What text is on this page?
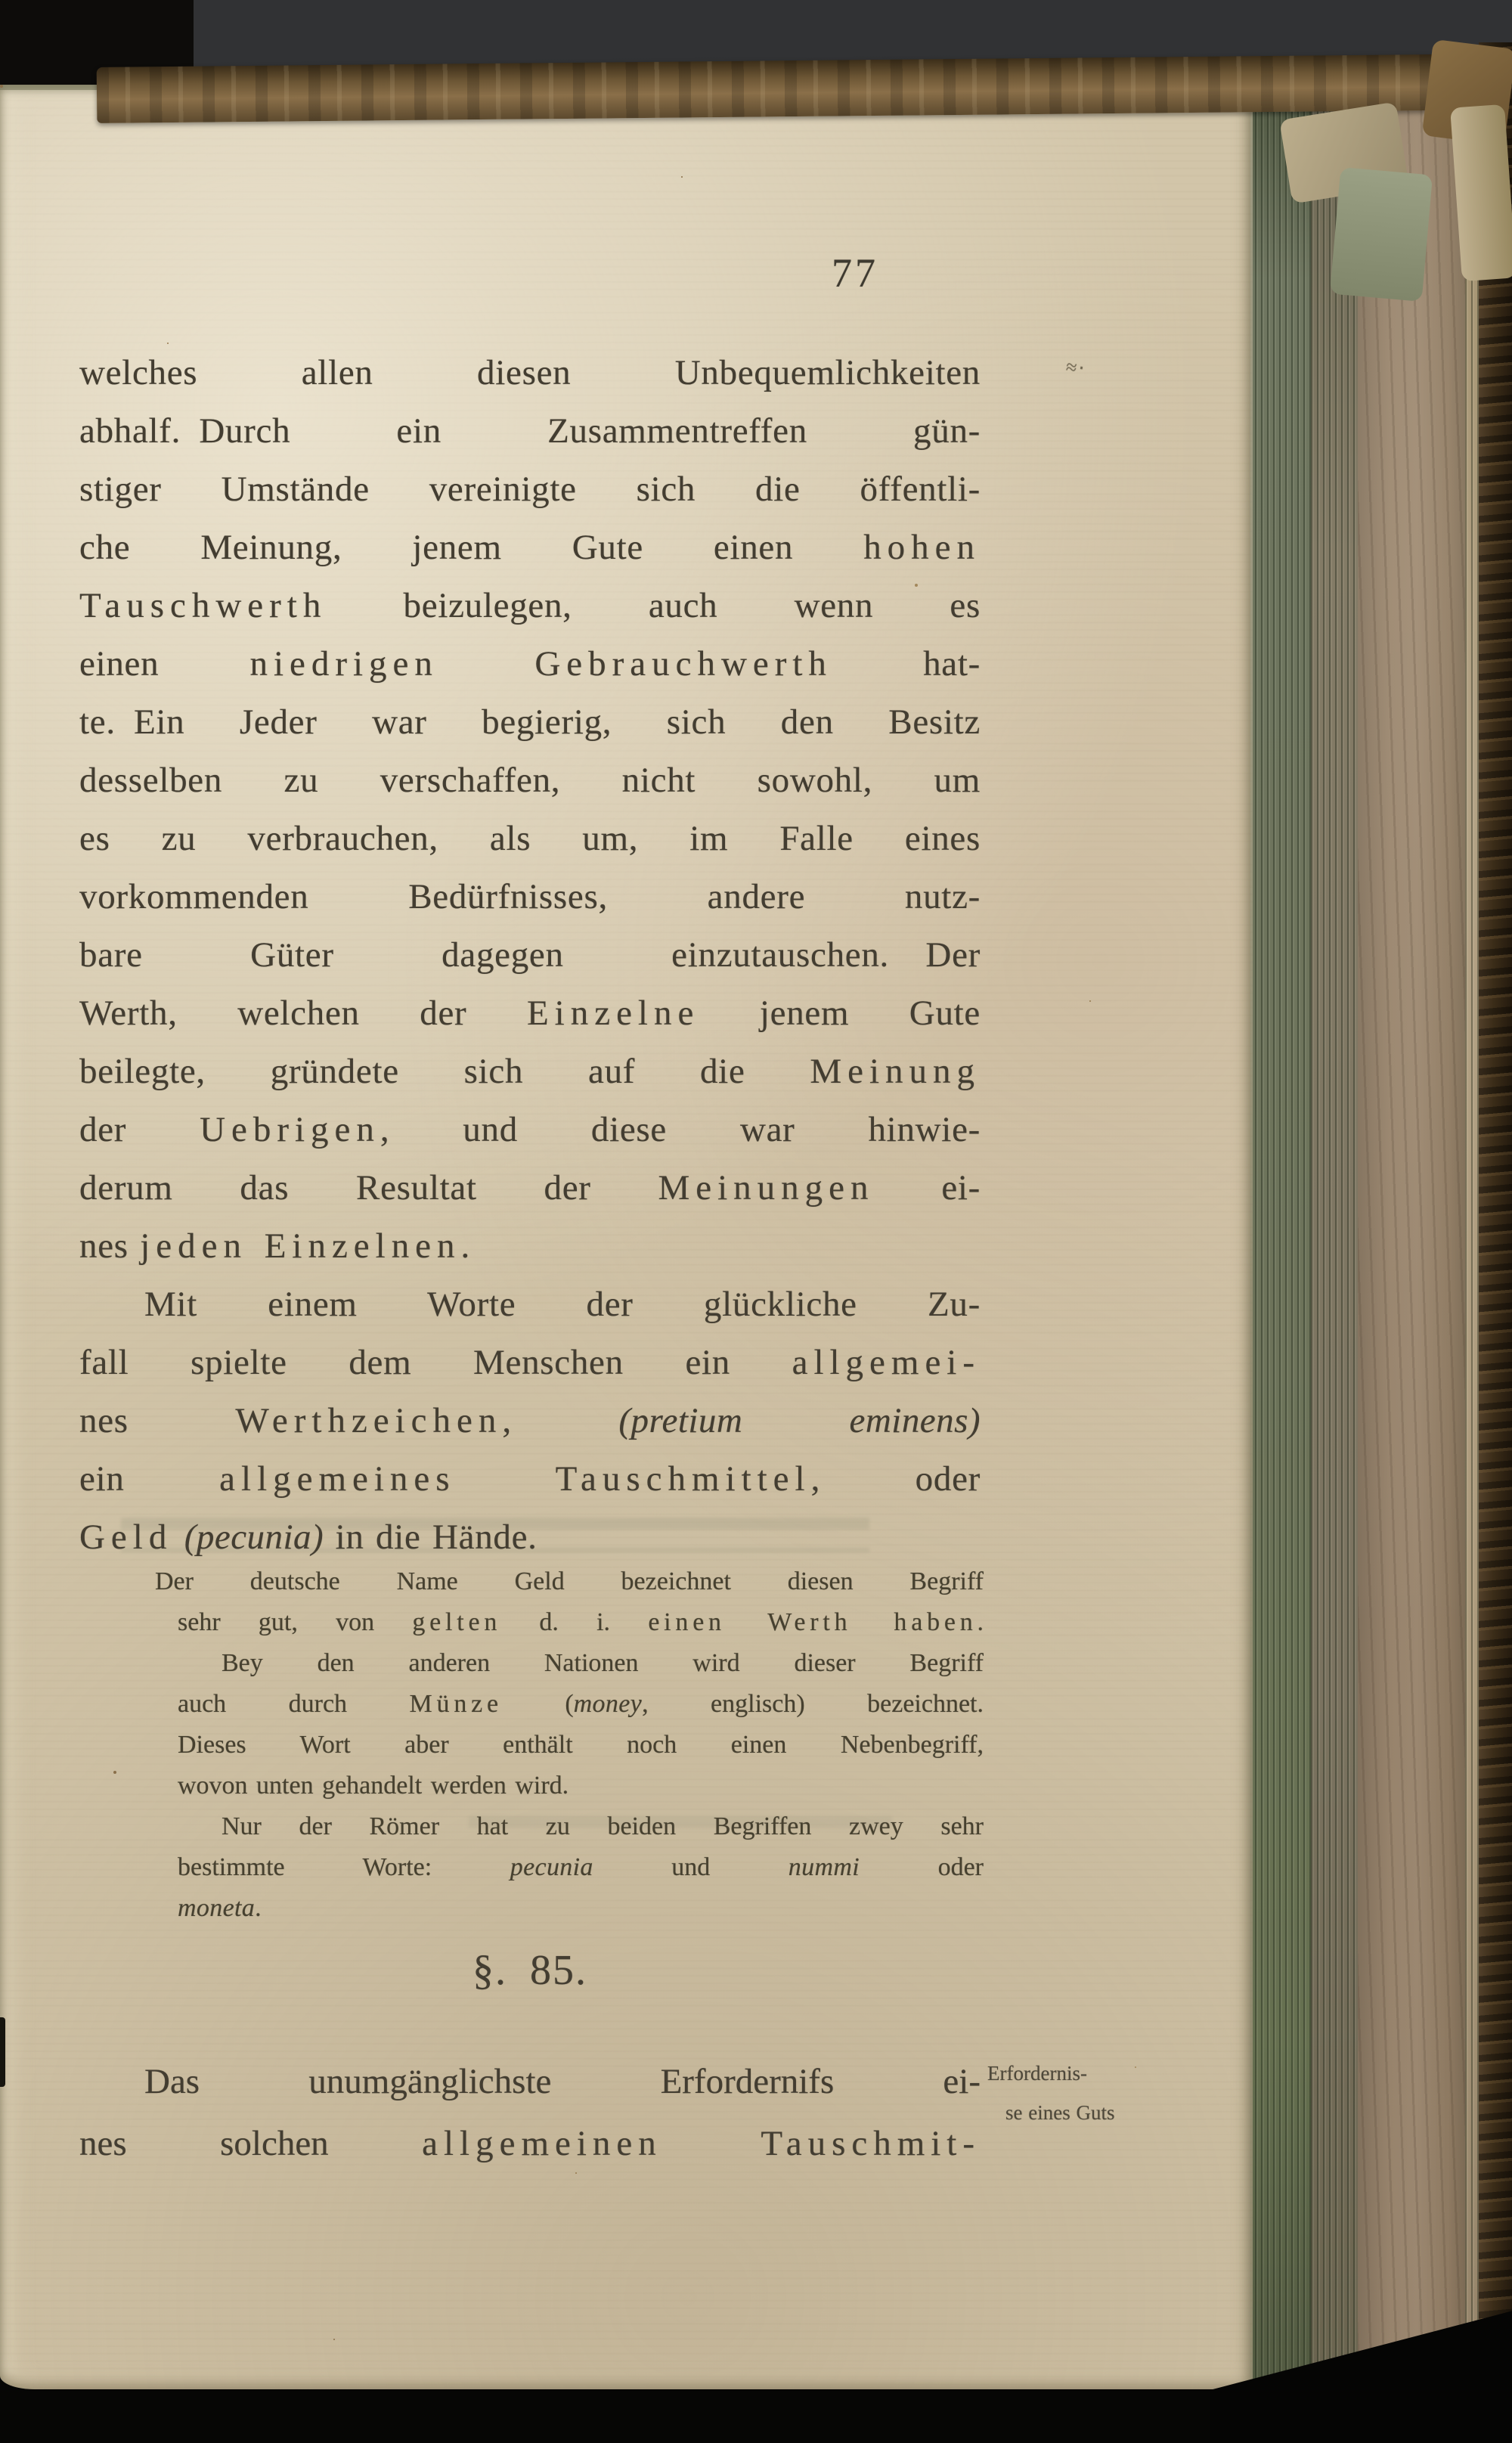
77
≈‧
welches allen diesen Unbequemlichkeiten
abhalf. Durch ein Zusammentreffen gün-
stiger Umstände vereinigte sich die öffentli-
che Meinung, jenem Gute einen hohen
Tauschwerth beizulegen, auch wenn es
einen niedrigen Gebrauchwerth hat-
te. Ein Jeder war begierig, sich den Besitz
desselben zu verschaffen, nicht sowohl, um
es zu verbrauchen, als um, im Falle eines
vorkommenden Bedürfnisses, andere nutz-
bare Güter dagegen einzutauschen.  Der
Werth, welchen der Einzelne jenem Gute
beilegte, gründete sich auf die Meinung
der Uebrigen, und diese war hinwie-
derum das Resultat der Meinungen ei-
nes jeden Einzelnen.
Mit einem Worte der glückliche Zu-
fall spielte dem Menschen ein allgemei-
nes Werthzeichen, (pretium eminens)
ein allgemeines Tauschmittel, oder
Geld (pecunia) in die Hände.
Der deutsche Name Geld bezeichnet diesen Begriff
sehr gut, von gelten d. i. einen Werth haben.
Bey den anderen Nationen wird dieser Begriff
auch durch Münze (money, englisch) bezeichnet.
Dieses Wort aber enthält noch einen Nebenbegriff,
wovon unten gehandelt werden wird.
Nur der Römer hat zu beiden Begriffen zwey sehr
bestimmte Worte: pecunia und nummi oder
moneta.
§. 85.
Das unumgänglichste Erfordernifs ei-
nes solchen allgemeinen Tauschmit-
Erfordernis-
se eines Guts
